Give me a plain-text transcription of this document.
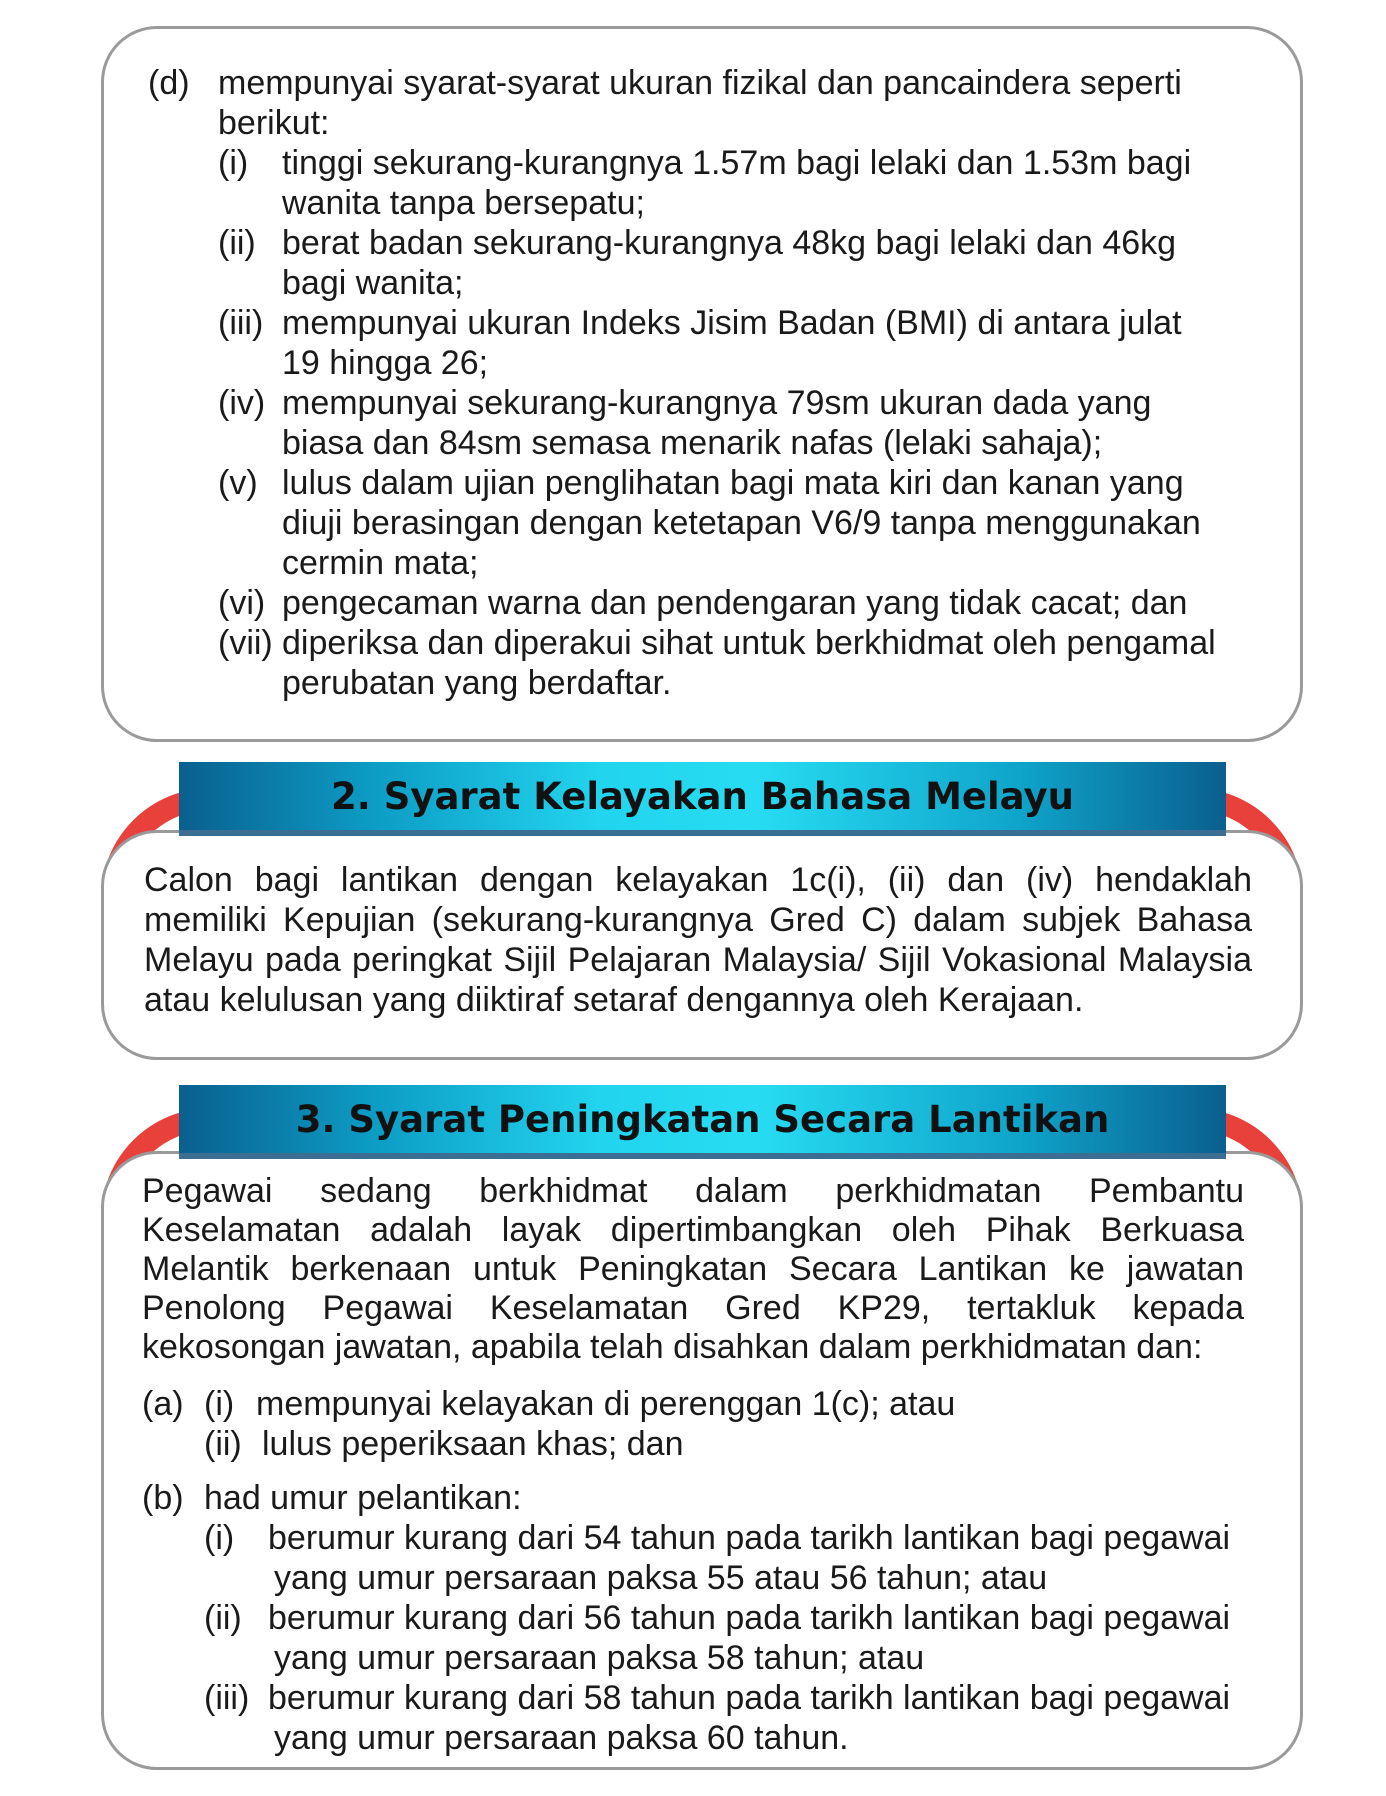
(d) mempunyai syarat-syarat ukuran fizikal dan pancaindera seperti
berikut:
(i) tinggi sekurang-kurangnya 1.57m bagi lelaki dan 1.53m bagi
wanita tanpa bersepatu;
(ii) berat badan sekurang-kurangnya 48kg bagi lelaki dan 46kg
bagi wanita;
(iii) mempunyai ukuran Indeks Jisim Badan (BMI) di antara julat
19 hingga 26;
(iv) mempunyai sekurang-kurangnya 79sm ukuran dada yang
biasa dan 84sm semasa menarik nafas (lelaki sahaja);
(v) lulus dalam ujian penglihatan bagi mata kiri dan kanan yang
diuji berasingan dengan ketetapan V6/9 tanpa menggunakan
cermin mata;
(vi) pengecaman warna dan pendengaran yang tidak cacat; dan
(vii) diperiksa dan diperakui sihat untuk berkhidmat oleh pengamal
perubatan yang berdaftar.
2. Syarat Kelayakan Bahasa Melayu
Calon bagi lantikan dengan kelayakan 1c(i), (ii) dan (iv) hendaklah
memiliki Kepujian (sekurang-kurangnya Gred C) dalam subjek Bahasa
Melayu pada peringkat Sijil Pelajaran Malaysia/ Sijil Vokasional Malaysia
atau kelulusan yang diiktiraf setaraf dengannya oleh Kerajaan.
3. Syarat Peningkatan Secara Lantikan
Pegawai sedang berkhidmat dalam perkhidmatan Pembantu
Keselamatan adalah layak dipertimbangkan oleh Pihak Berkuasa
Melantik berkenaan untuk Peningkatan Secara Lantikan ke jawatan
Penolong Pegawai Keselamatan Gred KP29, tertakluk kepada
kekosongan jawatan, apabila telah disahkan dalam perkhidmatan dan:
(a) (i) mempunyai kelayakan di perenggan 1(c); atau
(ii) lulus peperiksaan khas; dan
(b) had umur pelantikan:
(i) berumur kurang dari 54 tahun pada tarikh lantikan bagi pegawai
yang umur persaraan paksa 55 atau 56 tahun; atau
(ii) berumur kurang dari 56 tahun pada tarikh lantikan bagi pegawai
yang umur persaraan paksa 58 tahun; atau
(iii) berumur kurang dari 58 tahun pada tarikh lantikan bagi pegawai
yang umur persaraan paksa 60 tahun.
